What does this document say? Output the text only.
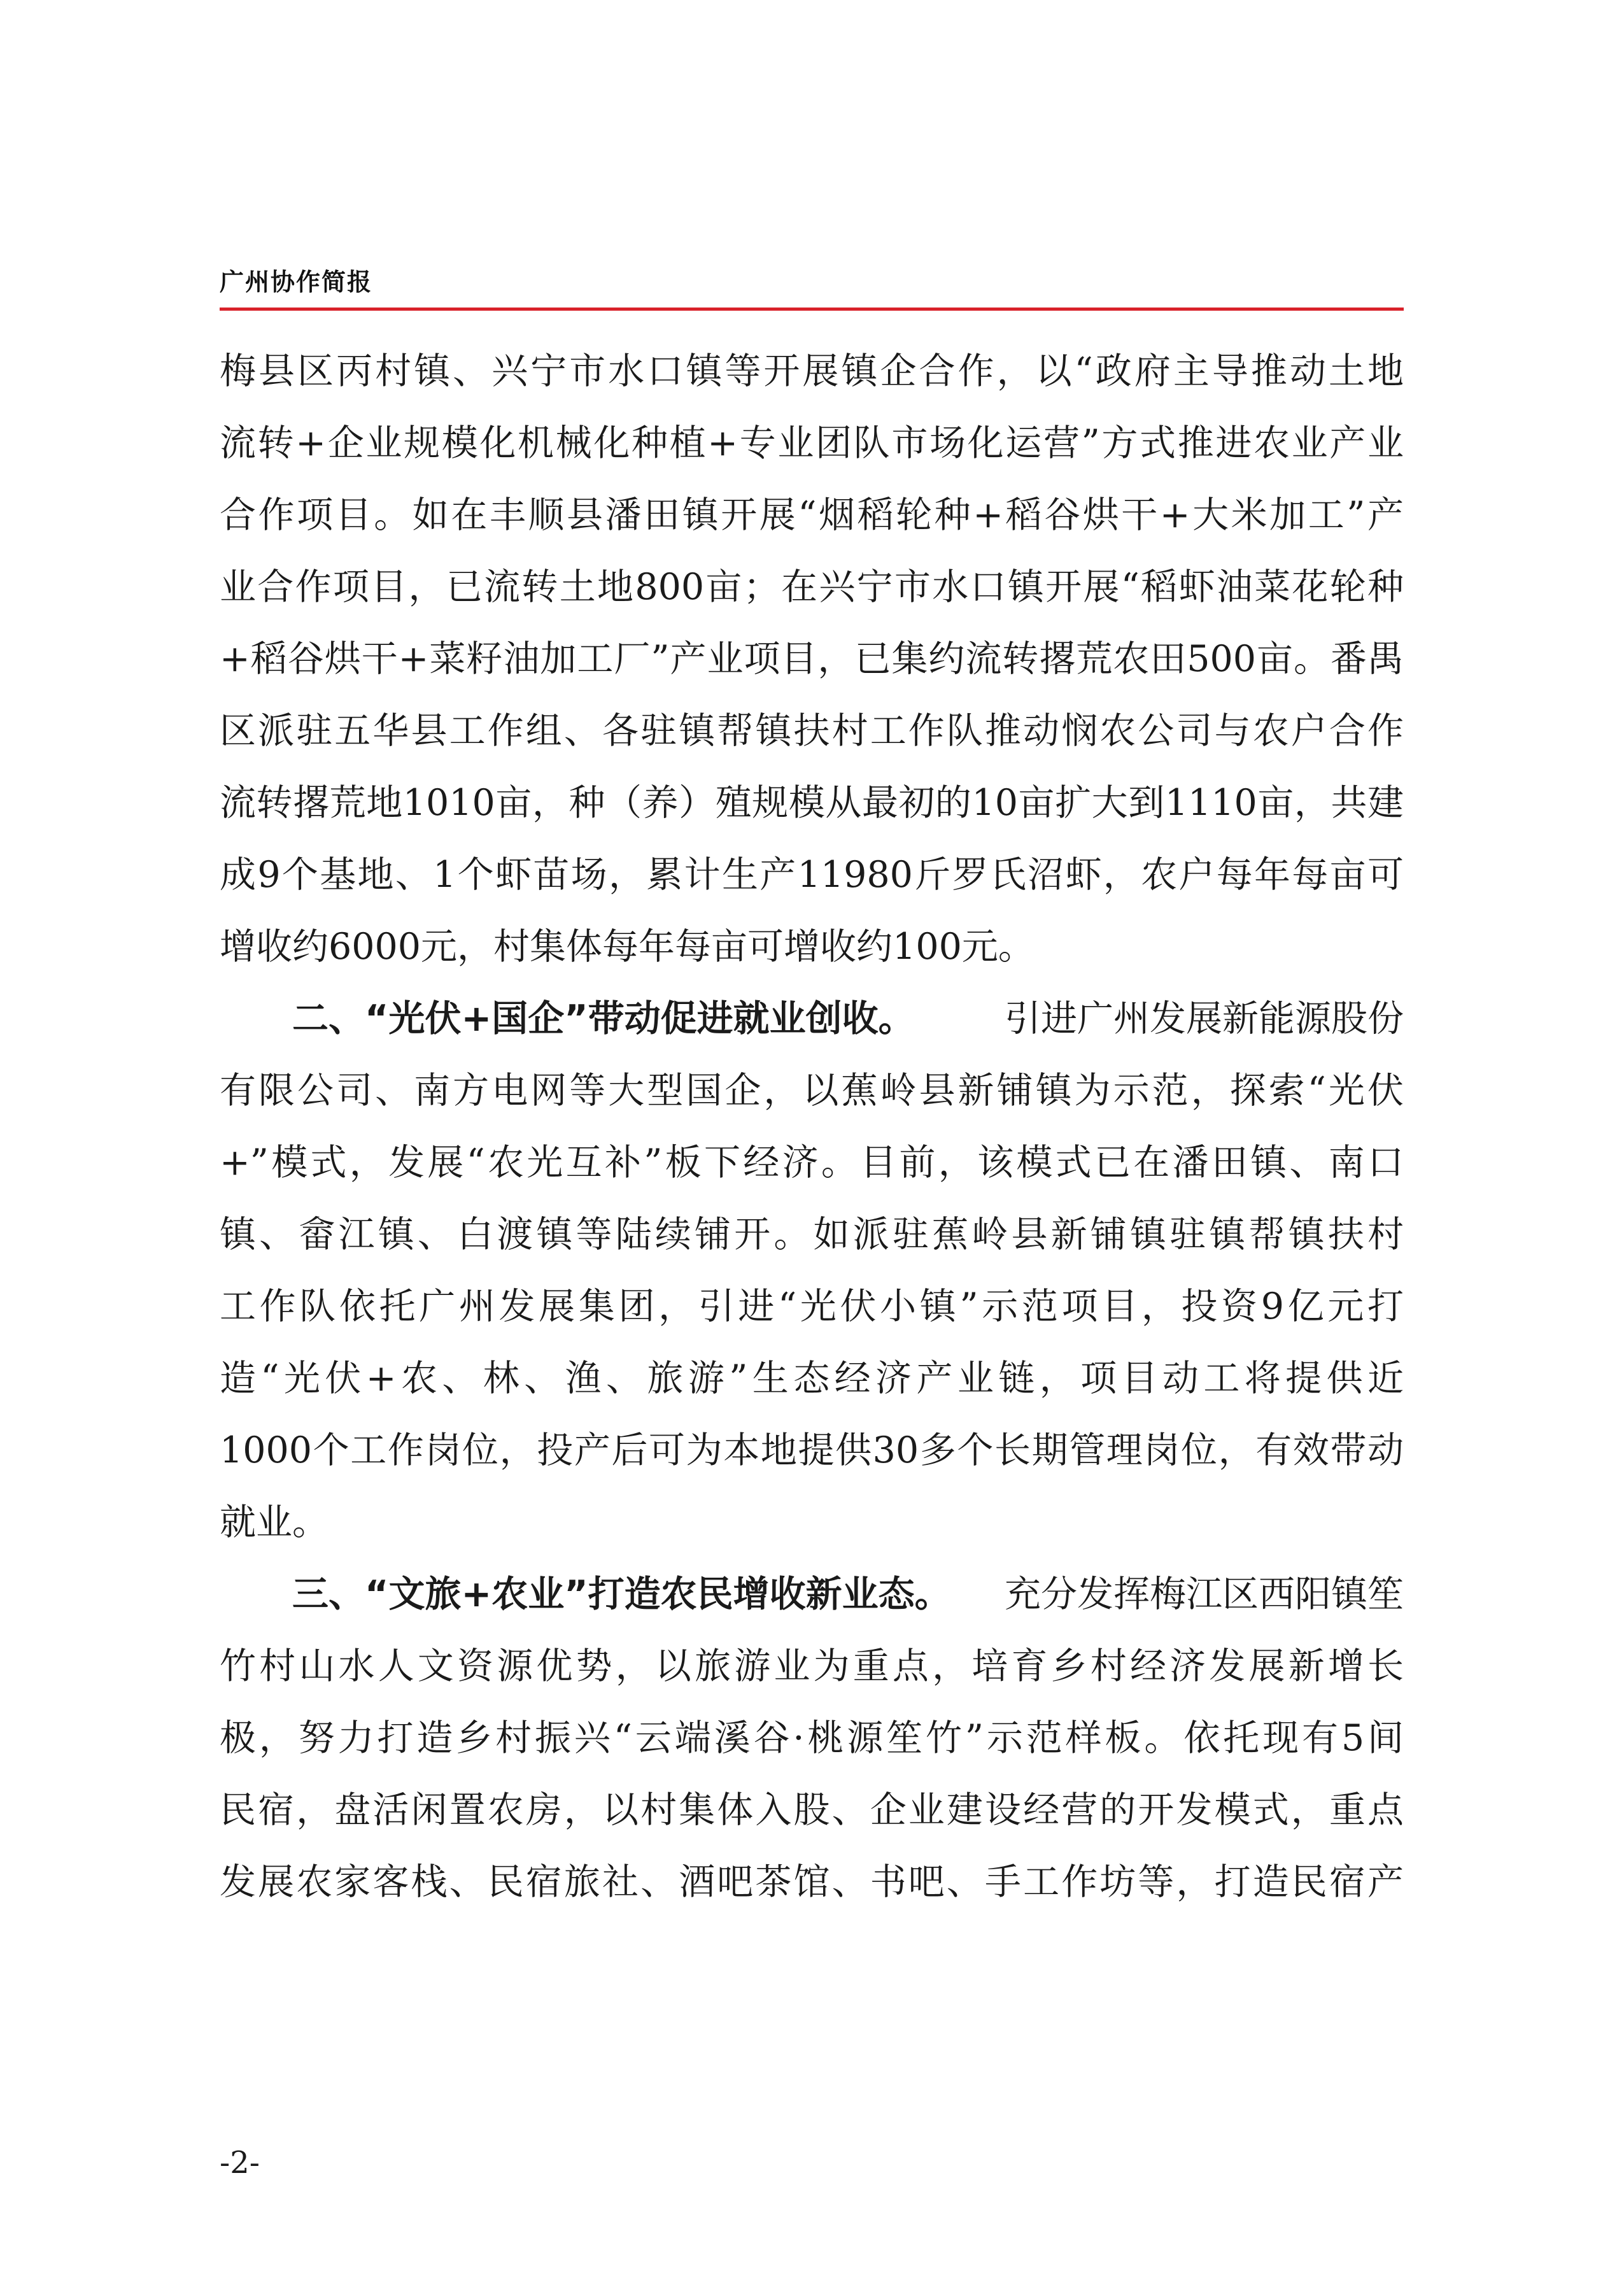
广州协作简报
梅县区丙村镇、兴宁市水口镇等开展镇企合作，以“政府主导推动土地
流转+企业规模化机械化种植+专业团队市场化运营”方式推进农业产业
合作项目。如在丰顺县潘田镇开展“烟稻轮种+稻谷烘干+大米加工”产
业合作项目，已流转土地800亩；在兴宁市水口镇开展“稻虾油菜花轮种
+稻谷烘干+菜籽油加工厂”产业项目，已集约流转撂荒农田500亩。番禺
区派驻五华县工作组、各驻镇帮镇扶村工作队推动悯农公司与农户合作
流转撂荒地1010亩，种（养）殖规模从最初的10亩扩大到1110亩，共建
成9个基地、1个虾苗场，累计生产11980斤罗氏沼虾，农户每年每亩可
增收约6000元，村集体每年每亩可增收约100元。
二、“光伏+国企”带动促进就业创收。 引进广州发展新能源股份
有限公司、南方电网等大型国企，以蕉岭县新铺镇为示范，探索“光伏
+”模式，发展“农光互补”板下经济。目前，该模式已在潘田镇、南口
镇、畲江镇、白渡镇等陆续铺开。如派驻蕉岭县新铺镇驻镇帮镇扶村
工作队依托广州发展集团，引进“光伏小镇”示范项目，投资9亿元打
造“光伏+农、林、渔、旅游”生态经济产业链，项目动工将提供近
1000个工作岗位，投产后可为本地提供30多个长期管理岗位，有效带动
就业。
三、“文旅+农业”打造农民增收新业态。 充分发挥梅江区西阳镇笙
竹村山水人文资源优势，以旅游业为重点，培育乡村经济发展新增长
极，努力打造乡村振兴“云端溪谷·桃源笙竹”示范样板。依托现有5间
民宿，盘活闲置农房，以村集体入股、企业建设经营的开发模式，重点
发展农家客栈、民宿旅社、酒吧茶馆、书吧、手工作坊等，打造民宿产
-2-
